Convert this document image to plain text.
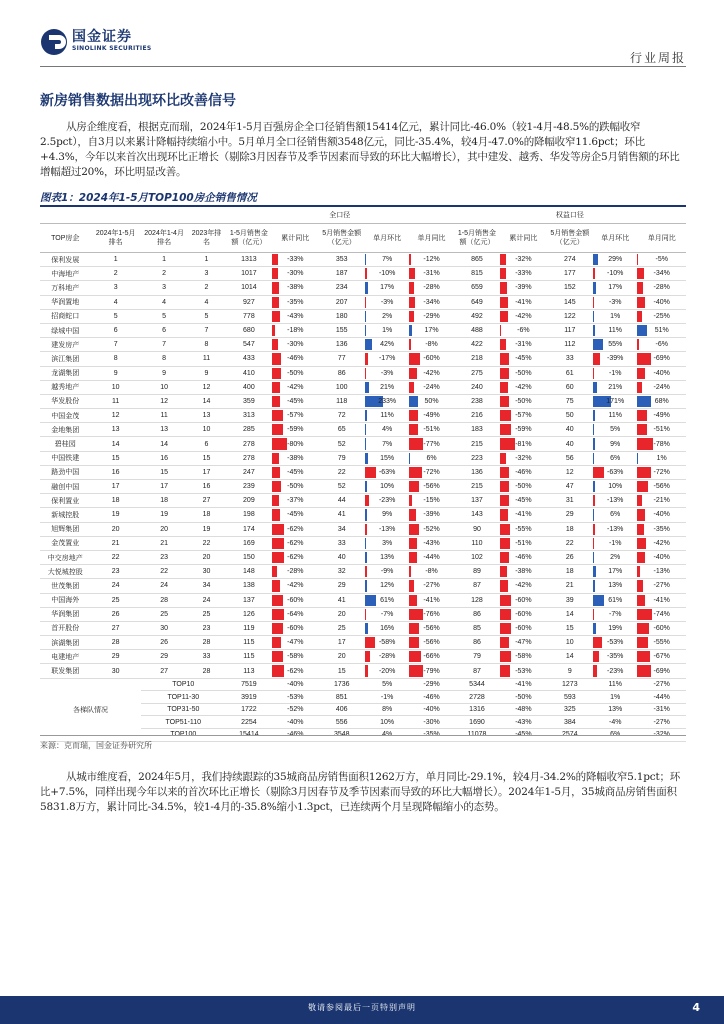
国金证券
SINOLINK SECURITIES
行业周报
新房销售数据出现环比改善信号

从房企维度看，根据克而瑞，2024年1-5月百强房企全口径销售额15414亿元，累计同比-46.0%（较1-4月-48.5%的跌幅收窄2.5pct），自3月以来累计降幅持续缩小中。5月单月全口径销售额3548亿元，同比-35.4%，较4月-47.0%的降幅收窄11.6pct；环比+4.3%，今年以来首次出现环比正增长（剔除3月因春节及季节因素而导致的环比大幅增长），其中建发、越秀、华发等房企5月销售额的环比增幅超过20%，环比明显改善。

图表1：2024年1-5月TOP100房企销售情况
				全口径					权益口径				
TOP房企	2024年1-5月排名	2024年1-4月排名	2023年排名	1-5月销售金额（亿元）	累计同比	5月销售金额（亿元）	单月环比	单月同比	1-5月销售金额（亿元）	累计同比	5月销售金额（亿元）	单月环比	单月同比
保利发展	1	1	1	1313	-33%	353	7%	-12%	865	-32%	274	29%	-5%
中海地产	2	2	3	1017	-30%	187	-10%	-31%	815	-33%	177	-10%	-34%
万科地产	3	3	2	1014	-38%	234	17%	-28%	659	-39%	152	17%	-28%
华润置地	4	4	4	927	-35%	207	-3%	-34%	649	-41%	145	-3%	-40%
招商蛇口	5	5	5	778	-43%	180	2%	-29%	492	-42%	122	1%	-25%
绿城中国	6	6	7	680	-18%	155	1%	17%	488	-6%	117	11%	51%
建发房产	7	7	8	547	-30%	136	42%	-8%	422	-31%	112	55%	-6%
滨江集团	8	8	11	433	-46%	77	-17%	-60%	218	-45%	33	-39%	-69%
龙湖集团	9	9	9	410	-50%	86	-3%	-42%	275	-50%	61	-1%	-40%
越秀地产	10	10	12	400	-42%	100	21%	-24%	240	-42%	60	21%	-24%
华发股份	11	12	14	359	-45%	118	233%	50%	238	-50%	75	171%	68%
中国金茂	12	11	13	313	-57%	72	11%	-49%	216	-57%	50	11%	-49%
金地集团	13	13	10	285	-59%	65	4%	-51%	183	-59%	40	5%	-51%
碧桂园	14	14	6	278	-80%	52	7%	-77%	215	-81%	40	9%	-78%
中国铁建	15	16	15	278	-38%	79	15%	6%	223	-32%	56	6%	1%
路劲中国	16	15	17	247	-45%	22	-63%	-72%	136	-46%	12	-63%	-72%
融创中国	17	17	16	239	-50%	52	10%	-56%	215	-50%	47	10%	-56%
保利置业	18	18	27	209	-37%	44	-23%	-15%	137	-45%	31	-13%	-21%
新城控股	19	19	18	198	-45%	41	9%	-39%	143	-41%	29	6%	-40%
旭辉集团	20	20	19	174	-62%	34	-13%	-52%	90	-55%	18	-13%	-35%
金茂置业	21	21	22	169	-62%	33	3%	-43%	110	-51%	22	-1%	-42%
中交房地产	22	23	20	150	-62%	40	13%	-44%	102	-46%	26	2%	-40%
大悦城控股	23	22	30	148	-28%	32	-9%	-8%	89	-38%	18	17%	-13%
世茂集团	24	24	34	138	-42%	29	12%	-27%	87	-42%	21	13%	-27%
中国海外	25	28	24	137	-60%	41	61%	-41%	128	-60%	39	61%	-41%
华润集团	26	25	25	126	-64%	20	-7%	-76%	86	-60%	14	-7%	-74%
首开股份	27	30	23	119	-60%	25	16%	-56%	85	-60%	15	19%	-60%
滨湖集团	28	26	28	115	-47%	17	-58%	-56%	86	-47%	10	-53%	-55%
电建地产	29	29	33	115	-58%	20	-28%	-66%	79	-58%	14	-35%	-67%
联发集团	30	27	28	113	-62%	15	-20%	-79%	87	-53%	9	-23%	-69%
各梯队情况		TOP10		7519	-40%	1736	5%	-29%	5344	-41%	1273	11%	-27%
		TOP11-30		3919	-53%	851	-1%	-46%	2728	-50%	593	1%	-44%
		TOP31-50		1722	-52%	406	8%	-40%	1316	-48%	325	13%	-31%
		TOP51-110		2254	-40%	556	10%	-30%	1690	-43%	384	-4%	-27%

来源：克而瑞，国金证券研究所

从城市维度看，2024年5月，我们持续跟踪的35城商品房销售面积1262万方，单月同比-29.1%，较4月-34.2%的降幅收窄5.1pct；环比+7.5%，同样出现今年以来的首次环比正增长（剔除3月因春节及季节因素而导致的环比大幅增长）。2024年1-5月，35城商品房销售面积5831.8万方，累计同比-34.5%，较1-4月的-35.8%缩小1.3pct，已连续两个月呈现降幅缩小的态势。

敬请参阅最后一页特别声明	4
